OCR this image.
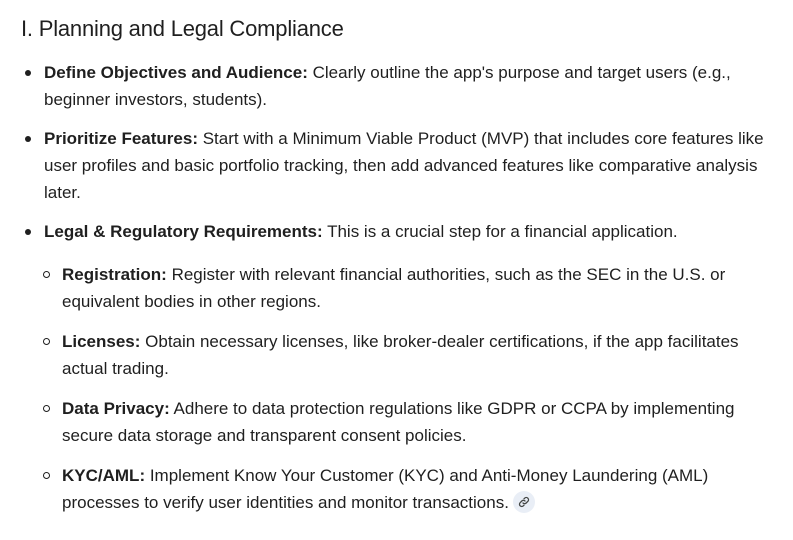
I. Planning and Legal Compliance
Define Objectives and Audience: Clearly outline the app's purpose and target users (e.g., beginner investors, students).
Prioritize Features: Start with a Minimum Viable Product (MVP) that includes core features like user profiles and basic portfolio tracking, then add advanced features like comparative analysis later.
Legal & Regulatory Requirements: This is a crucial step for a financial application.
Registration: Register with relevant financial authorities, such as the SEC in the U.S. or equivalent bodies in other regions.
Licenses: Obtain necessary licenses, like broker-dealer certifications, if the app facilitates actual trading.
Data Privacy: Adhere to data protection regulations like GDPR or CCPA by implementing secure data storage and transparent consent policies.
KYC/AML: Implement Know Your Customer (KYC) and Anti-Money Laundering (AML) processes to verify user identities and monitor transactions.
